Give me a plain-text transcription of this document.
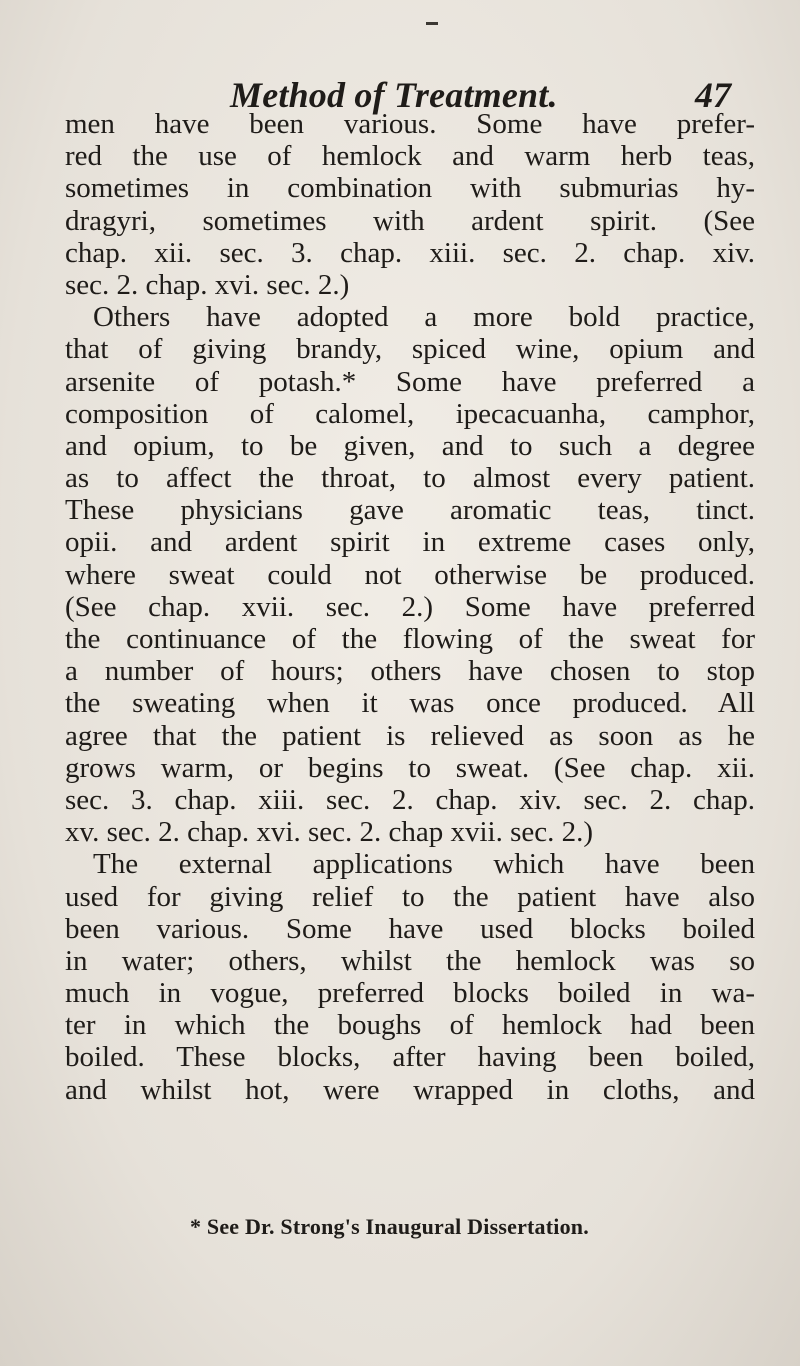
Method of Treatment.	47
men have been various. Some have prefer-
red the use of hemlock and warm herb teas,
sometimes in combination with submurias hy-
dragyri, sometimes with ardent spirit. (See
chap. xii. sec. 3. chap. xiii. sec. 2. chap. xiv.
sec. 2. chap. xvi. sec. 2.)
Others have adopted a more bold practice,
that of giving brandy, spiced wine, opium and
arsenite of potash.* Some have preferred a
composition of calomel, ipecacuanha, camphor,
and opium, to be given, and to such a degree
as to affect the throat, to almost every patient.
These physicians gave aromatic teas, tinct.
opii. and ardent spirit in extreme cases only,
where sweat could not otherwise be produced.
(See chap. xvii. sec. 2.) Some have preferred
the continuance of the flowing of the sweat for
a number of hours; others have chosen to stop
the sweating when it was once produced. All
agree that the patient is relieved as soon as he
grows warm, or begins to sweat. (See chap. xii.
sec. 3. chap. xiii. sec. 2. chap. xiv. sec. 2. chap.
xv. sec. 2. chap. xvi. sec. 2. chap xvii. sec. 2.)
The external applications which have been
used for giving relief to the patient have also
been various. Some have used blocks boiled
in water; others, whilst the hemlock was so
much in vogue, preferred blocks boiled in wa-
ter in which the boughs of hemlock had been
boiled. These blocks, after having been boiled,
and whilst hot, were wrapped in cloths, and
* See Dr. Strong's Inaugural Dissertation.
